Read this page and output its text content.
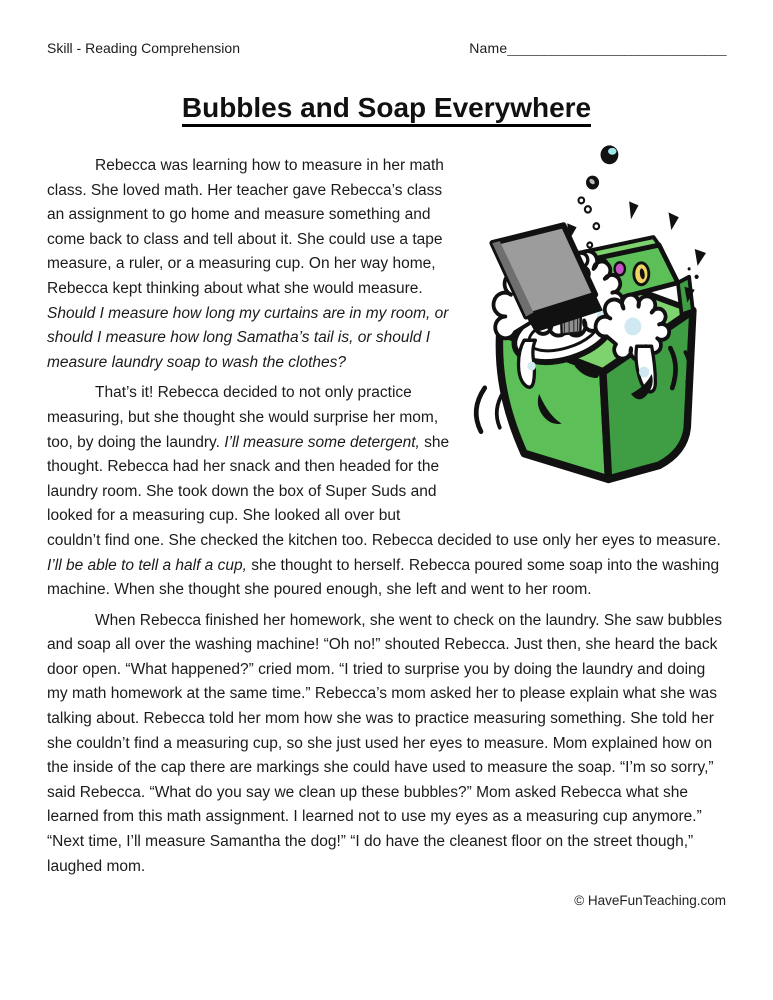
Skill - Reading Comprehension	Name______________________________
Bubbles and Soap Everywhere

Rebecca was learning how to measure in her math class. She loved math. Her teacher gave Rebecca’s class an assignment to go home and measure something and come back to class and tell about it. She could use a tape measure, a ruler, or a measuring cup. On her way home, Rebecca kept thinking about what she would measure. Should I measure how long my curtains are in my room, or should I measure how long Samatha’s tail is, or should I measure laundry soap to wash the clothes?

That’s it! Rebecca decided to not only practice measuring, but she thought she would surprise her mom, too, by doing the laundry. I’ll measure some detergent, she thought. Rebecca had her snack and then headed for the laundry room. She took down the box of Super Suds and looked for a measuring cup. She looked all over but couldn’t find one. She checked the kitchen too. Rebecca decided to use only her eyes to measure. I’ll be able to tell a half a cup, she thought to herself. Rebecca poured some soap into the washing machine. When she thought she poured enough, she left and went to her room.

When Rebecca finished her homework, she went to check on the laundry. She saw bubbles and soap all over the washing machine! “Oh no!” shouted Rebecca. Just then, she heard the back door open. “What happened?” cried mom. “I tried to surprise you by doing the laundry and doing my math homework at the same time.” Rebecca’s mom asked her to please explain what she was talking about. Rebecca told her mom how she was to practice measuring something. She told her she couldn’t find a measuring cup, so she just used her eyes to measure. Mom explained how on the inside of the cap there are markings she could have used to measure the soap. “I’m so sorry,” said Rebecca. “What do you say we clean up these bubbles?” Mom asked Rebecca what she learned from this math assignment. I learned not to use my eyes as a measuring cup anymore.” “Next time, I’ll measure Samantha the dog!” “I do have the cleanest floor on the street though,” laughed mom.

© HaveFunTeaching.com
